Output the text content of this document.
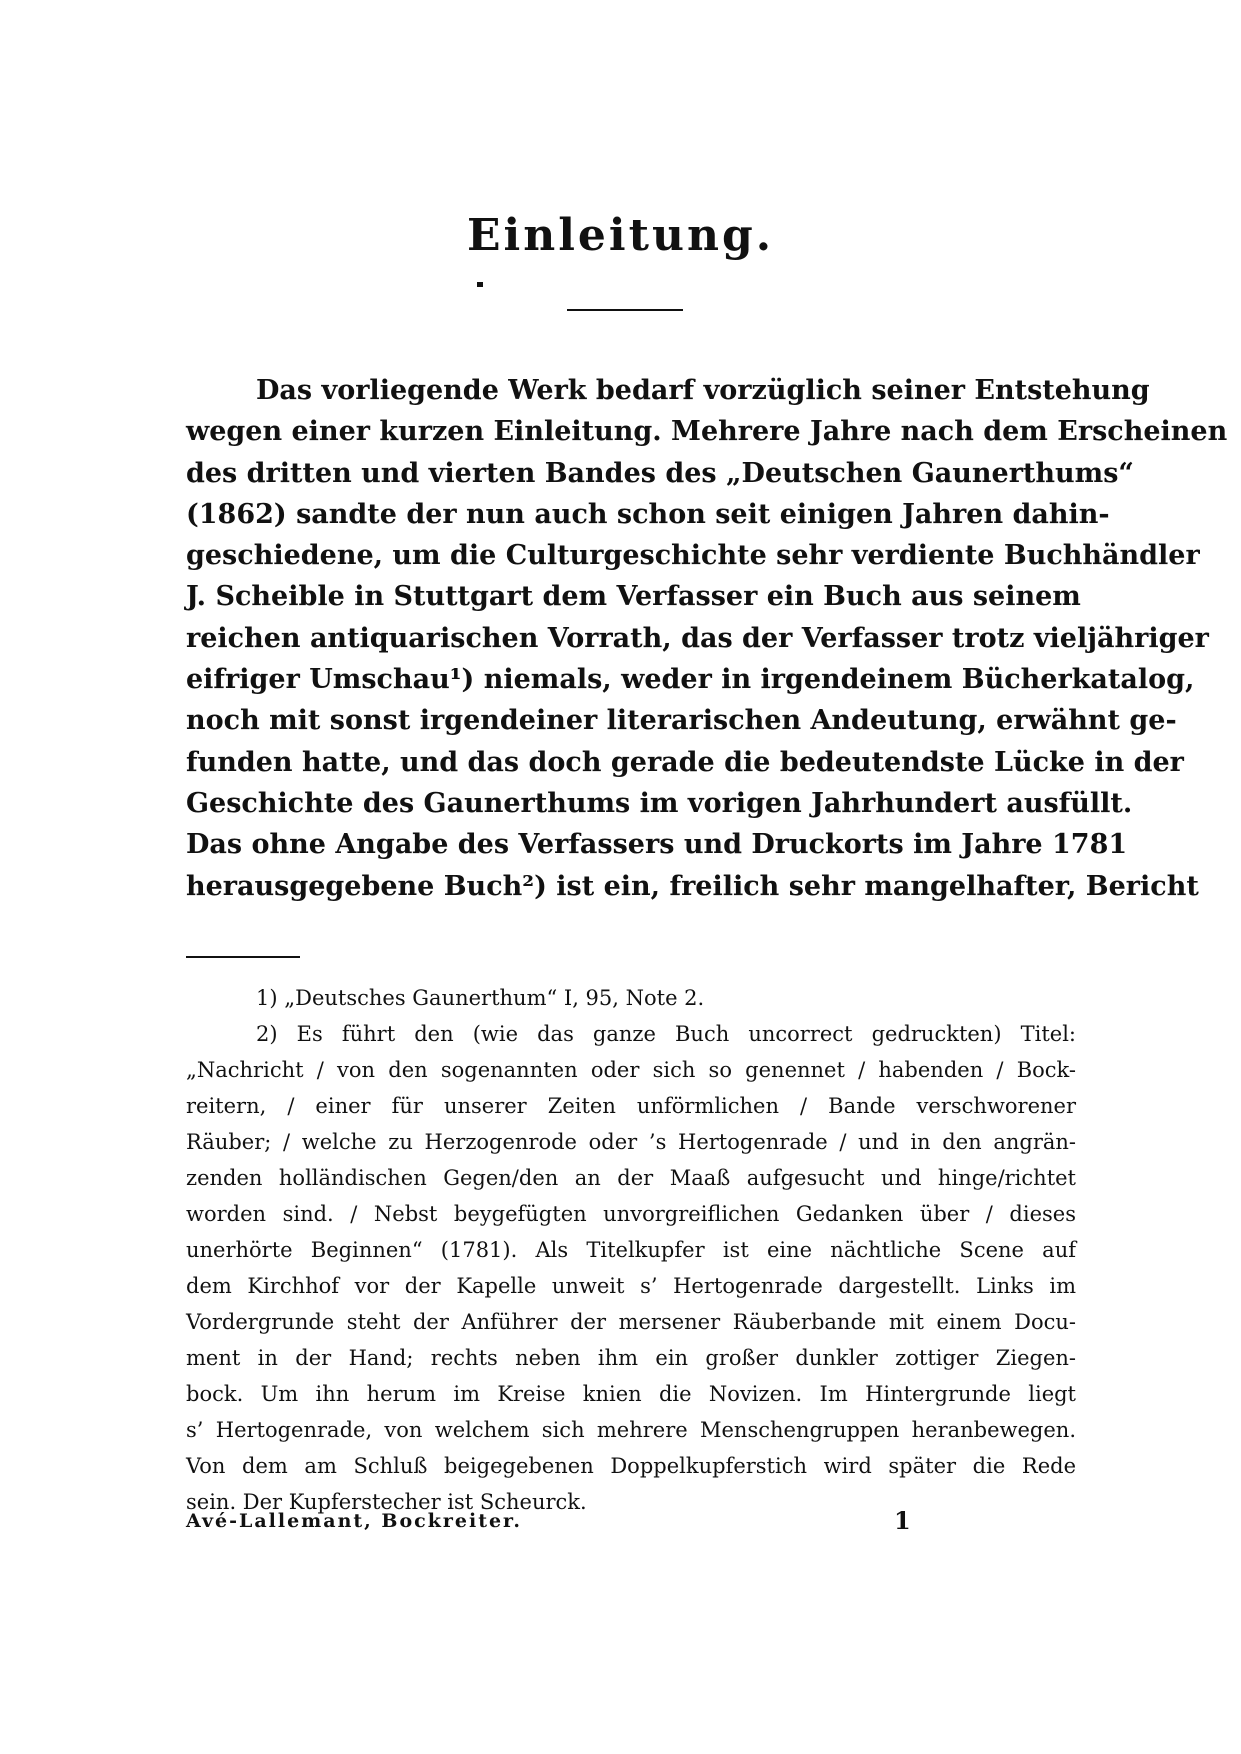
Einleitung.
Das vorliegende Werk bedarf vorzüglich seiner Entstehung
wegen einer kurzen Einleitung. Mehrere Jahre nach dem Erscheinen
des dritten und vierten Bandes des „Deutschen Gaunerthums“
(1862) sandte der nun auch schon seit einigen Jahren dahin-
geschiedene, um die Culturgeschichte sehr verdiente Buchhändler
J. Scheible in Stuttgart dem Verfasser ein Buch aus seinem
reichen antiquarischen Vorrath, das der Verfasser trotz vieljähriger
eifriger Umschau¹) niemals, weder in irgendeinem Bücherkatalog,
noch mit sonst irgendeiner literarischen Andeutung, erwähnt ge-
funden hatte, und das doch gerade die bedeutendste Lücke in der
Geschichte des Gaunerthums im vorigen Jahrhundert ausfüllt.
Das ohne Angabe des Verfassers und Druckorts im Jahre 1781
herausgegebene Buch²) ist ein, freilich sehr mangelhafter, Bericht
1) „Deutsches Gaunerthum“ I, 95, Note 2.
2) Es führt den (wie das ganze Buch uncorrect gedruckten) Titel:
„Nachricht / von den sogenannten oder sich so genennet / habenden / Bock-
reitern, / einer für unserer Zeiten unförmlichen / Bande verschworener
Räuber; / welche zu Herzogenrode oder ’s Hertogenrade / und in den angrän-
zenden holländischen Gegen/den an der Maaß aufgesucht und hinge/richtet
worden sind. / Nebst beygefügten unvorgreiflichen Gedanken über / dieses
unerhörte Beginnen“ (1781). Als Titelkupfer ist eine nächtliche Scene auf
dem Kirchhof vor der Kapelle unweit s’ Hertogenrade dargestellt. Links im
Vordergrunde steht der Anführer der mersener Räuberbande mit einem Docu-
ment in der Hand; rechts neben ihm ein großer dunkler zottiger Ziegen-
bock. Um ihn herum im Kreise knien die Novizen. Im Hintergrunde liegt
s’ Hertogenrade, von welchem sich mehrere Menschengruppen heranbewegen.
Von dem am Schluß beigegebenen Doppelkupferstich wird später die Rede
sein. Der Kupferstecher ist Scheurck.
Avé-Lallemant, Bockreiter.	1
